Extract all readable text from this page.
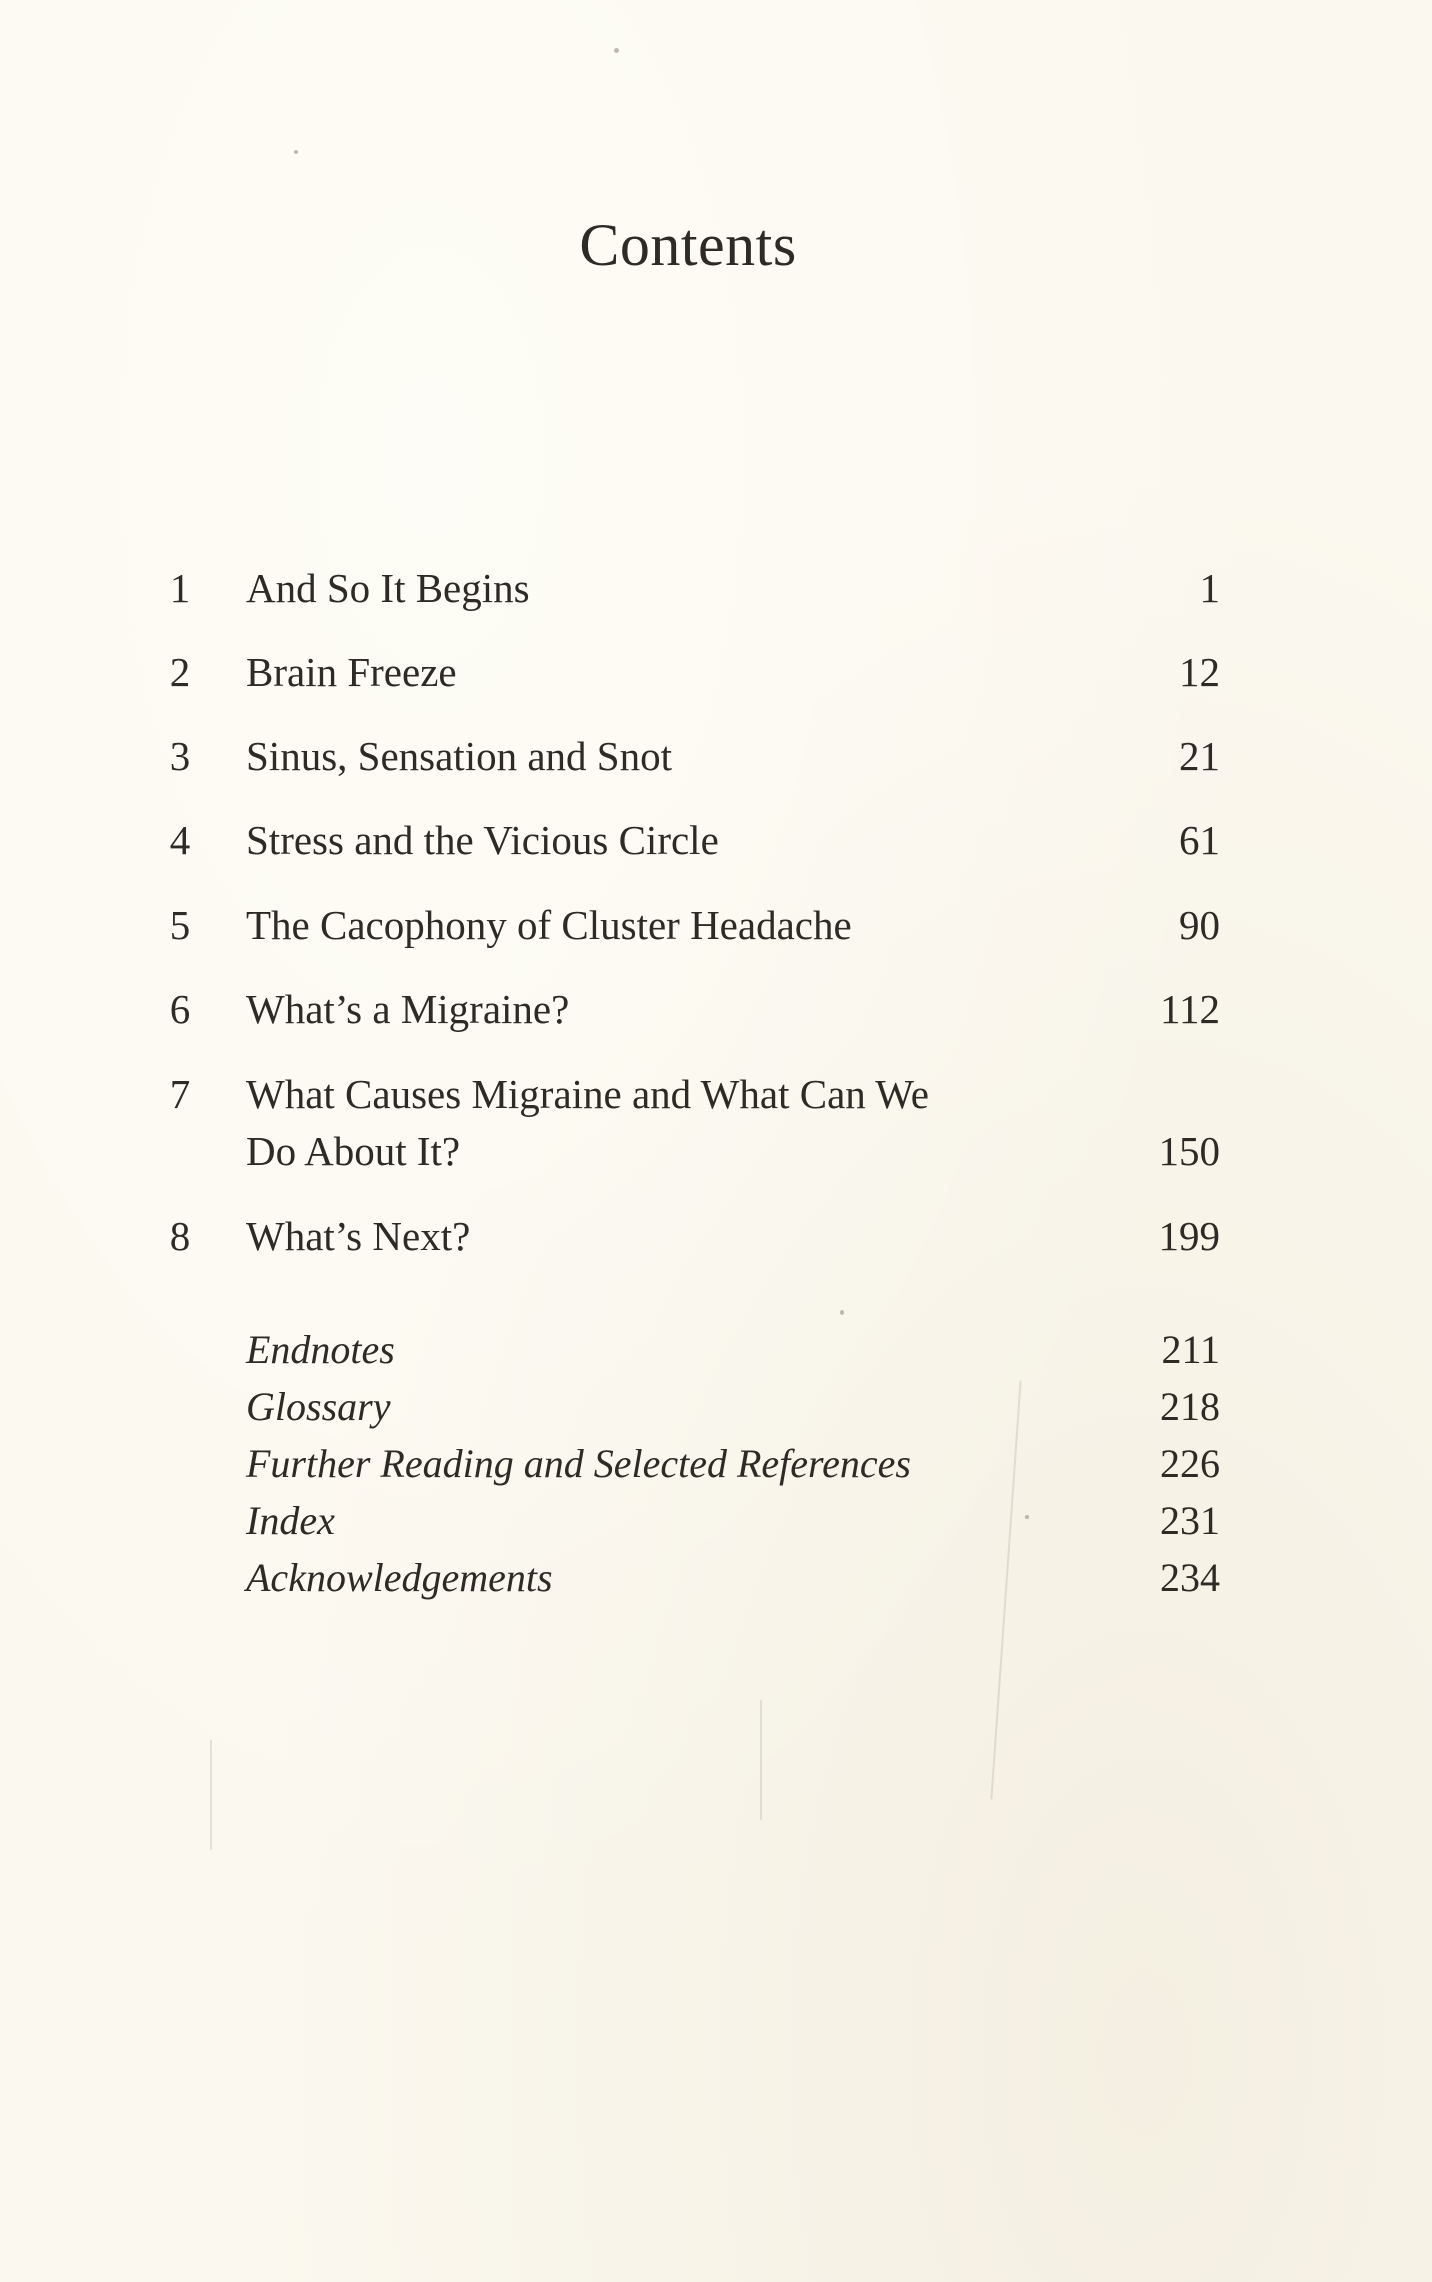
Contents
1 And So It Begins	1
2 Brain Freeze	12
3 Sinus, Sensation and Snot	21
4 Stress and the Vicious Circle	61
5 The Cacophony of Cluster Headache	90
6 What’s a Migraine?	112
7 What Causes Migraine and What Can We Do About It?	150
8 What’s Next?	199
Endnotes	211
Glossary	218
Further Reading and Selected References	226
Index	231
Acknowledgements	234
